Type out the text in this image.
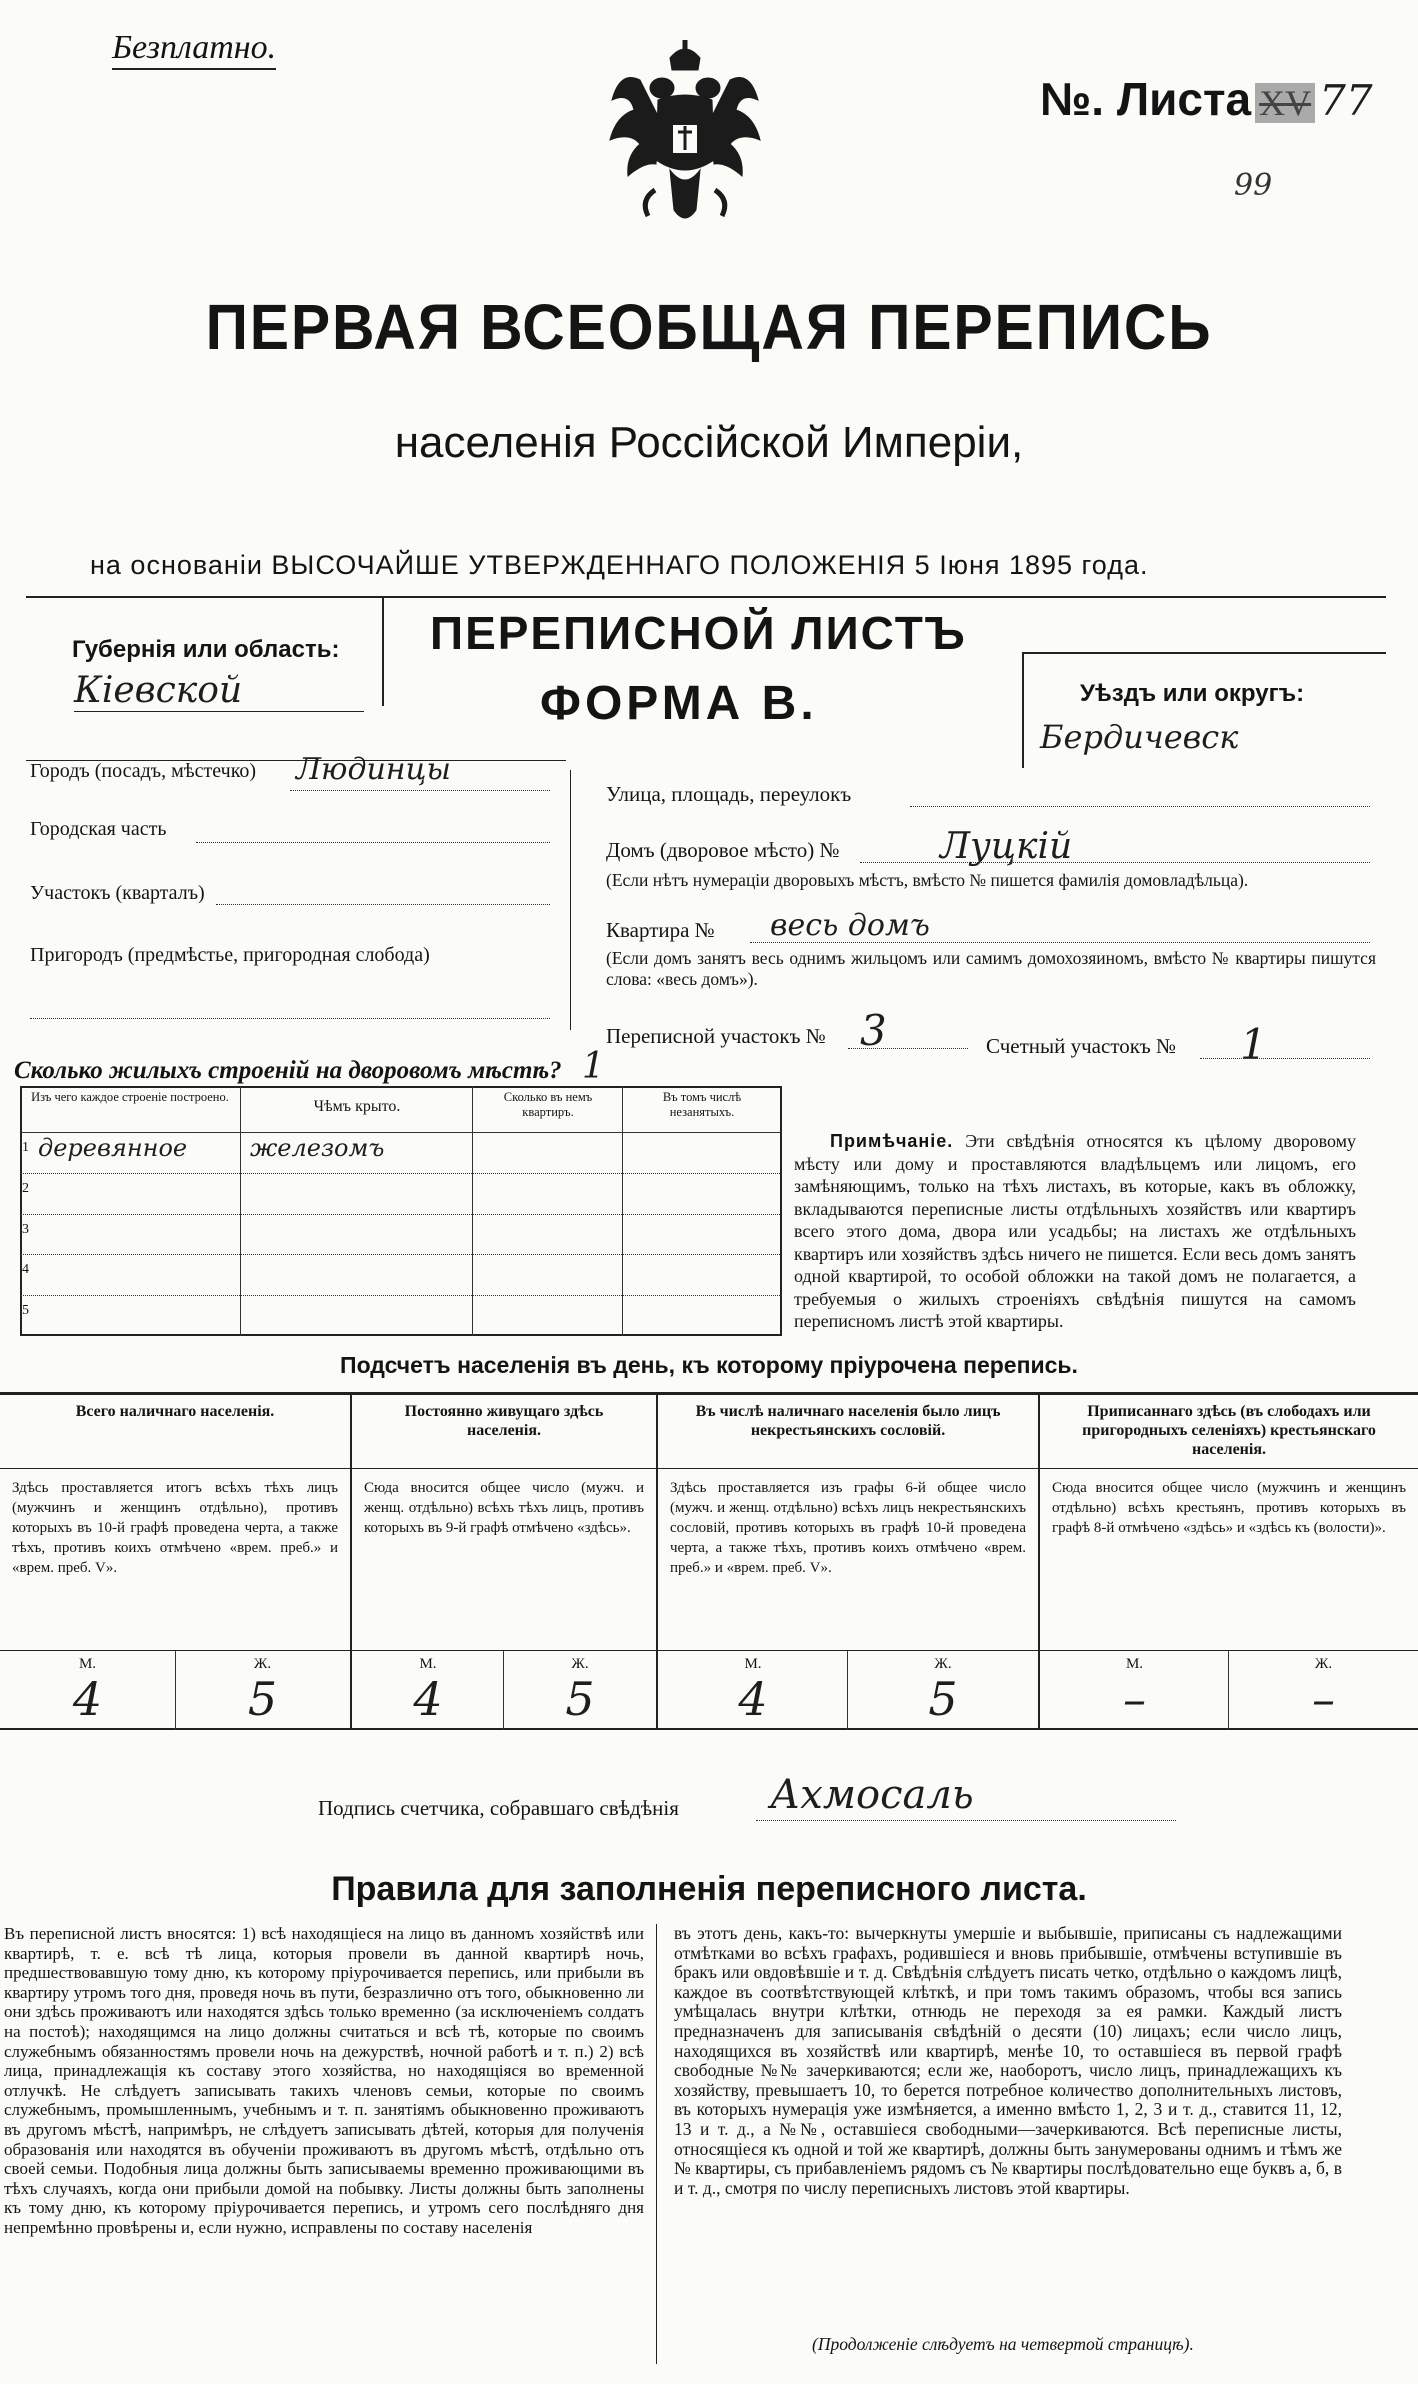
Безплатно.
№. Листа XV 77
99
ПЕРВАЯ ВСЕОБЩАЯ ПЕРЕПИСЬ
населенія Россійской Имперіи,
на основаніи ВЫСОЧАЙШЕ УТВЕРЖДЕННАГО ПОЛОЖЕНІЯ 5 Іюня 1895 года.
Губернія или область:
Кіевской
ПЕРЕПИСНОЙ ЛИСТЪ
ФОРМА В.	Уѣздъ или округъ:
Бердичевск
Городъ (посадъ, мѣстечко) Людинцы
Городская часть
Участокъ (кварталъ)
Пригородъ (предмѣстье, пригородная слобода)
Улица, площадь, переулокъ
Домъ (дворовое мѣсто) №	Луцкій
(Если нѣтъ нумераціи дворовыхъ мѣстъ, вмѣсто № пишется фамилія домовладѣльца).
Квартира № весь домъ
(Если домъ занятъ весь однимъ жильцомъ или самимъ домохозяиномъ, вмѣсто № квартиры пишутся слова: «весь домъ»).
Переписной участокъ № 3	Счетный участокъ № 1
Сколько жилыхъ строеній на дворовомъ мѣстѣ? 1
Изъ чего каждое строеніе построено.
Чѣмъ крыто.
Сколько въ немъ квартиръ.
Въ томъ числѣ незанятыхъ.
1 деревянное	железомъ
2
3
4
5
Примѣчаніе. Эти свѣдѣнія относятся къ цѣлому дворовому мѣсту или дому и проставляются владѣльцемъ или лицомъ, его замѣняющимъ, только на тѣхъ листахъ, въ которые, какъ въ обложку, вкладываются переписные листы отдѣльныхъ хозяйствъ или квартиръ всего этого дома, двора или усадьбы; на листахъ же отдѣльныхъ квартиръ или хозяйствъ здѣсь ничего не пишется. Если весь домъ занятъ одной квартирой, то особой обложки на такой домъ не полагается, а требуемыя о жилыхъ строеніяхъ свѣдѣнія пишутся на самомъ переписномъ листѣ этой квартиры.
Подсчетъ населенія въ день, къ которому пріурочена перепись.
Всего наличнаго населенія.
Здѣсь проставляется итогъ всѣхъ тѣхъ лицъ (мужчинъ и женщинъ отдѣльно), противъ которыхъ въ 10-й графѣ проведена черта, а также тѣхъ, противъ коихъ отмѣчено «врем. преб.» и «врем. преб. V».
М.	Ж.
4	5
Постоянно живущаго здѣсь населенія.
Сюда вносится общее число (мужч. и женщ. отдѣльно) всѣхъ тѣхъ лицъ, противъ которыхъ въ 9-й графѣ отмѣчено «здѣсь».
М.	Ж.
4	5
Въ числѣ наличнаго населенія было лицъ некрестьянскихъ сословій.
Здѣсь проставляется изъ графы 6-й общее число (мужч. и женщ. отдѣльно) всѣхъ лицъ некрестьянскихъ сословій, противъ которыхъ въ графѣ 10-й проведена черта, а также тѣхъ, противъ коихъ отмѣчено «врем. преб.» и «врем. преб. V».
М.	Ж.
4	5
Приписаннаго здѣсь (въ слободахъ или пригородныхъ селеніяхъ) крестьянскаго населенія.
Сюда вносится общее число (мужчинъ и женщинъ отдѣльно) всѣхъ крестьянъ, противъ которыхъ въ графѣ 8-й отмѣчено «здѣсь» и «здѣсь къ (волости)».
М.	Ж.
–	–
Подпись счетчика, собравшаго свѣдѣнія Ахмосаль
Правила для заполненія переписного листа.
Въ переписной листъ вносятся: 1) всѣ находящіеся на лицо въ данномъ хозяйствѣ или квартирѣ, т. е. всѣ тѣ лица, которыя провели въ данной квартирѣ ночь, предшествовавшую тому дню, къ которому пріурочивается перепись, или прибыли въ квартиру утромъ того дня, проведя ночь въ пути, безразлично отъ того, обыкновенно ли они здѣсь проживаютъ или находятся здѣсь только временно (за исключеніемъ солдатъ на постоѣ); находящимся на лицо должны считаться и всѣ тѣ, которые по своимъ служебнымъ обязанностямъ провели ночь на дежурствѣ, ночной работѣ и т. п.) 2) всѣ лица, принадлежащія къ составу этого хозяйства, но находящіяся во временной отлучкѣ. Не слѣдуетъ записывать такихъ членовъ семьи, которые по своимъ служебнымъ, промышленнымъ, учебнымъ и т. п. занятіямъ обыкновенно проживаютъ въ другомъ мѣстѣ, напримѣръ, не слѣдуетъ записывать дѣтей, которыя для полученія образованія или находятся въ обученіи проживаютъ въ другомъ мѣстѣ, отдѣльно отъ своей семьи. Подобныя лица должны быть записываемы временно проживающими въ тѣхъ случаяхъ, когда они прибыли домой на побывку. Листы должны быть заполнены къ тому дню, къ которому пріурочивается перепись, и утромъ сего послѣдняго дня непремѣнно провѣрены и, если нужно, исправлены по составу населенія
въ этотъ день, какъ-то: вычеркнуты умершіе и выбывшіе, приписаны съ надлежащими отмѣтками во всѣхъ графахъ, родившіеся и вновь прибывшіе, отмѣчены вступившіе въ бракъ или овдовѣвшіе и т. д. Свѣдѣнія слѣдуетъ писать четко, отдѣльно о каждомъ лицѣ, каждое въ соотвѣтствующей клѣткѣ, и при томъ такимъ образомъ, чтобы вся запись умѣщалась внутри клѣтки, отнюдь не переходя за ея рамки. Каждый листъ предназначенъ для записыванія свѣдѣній о десяти (10) лицахъ; если число лицъ, находящихся въ хозяйствѣ или квартирѣ, менѣе 10, то оставшіеся въ первой графѣ свободные №№ зачеркиваются; если же, наоборотъ, число лицъ, принадлежащихъ къ хозяйству, превышаетъ 10, то берется потребное количество дополнительныхъ листовъ, въ которыхъ нумерація уже измѣняется, а именно вмѣсто 1, 2, 3 и т. д., ставится 11, 12, 13 и т. д., а №№, оставшіеся свободными—зачеркиваются. Всѣ переписные листы, относящіеся къ одной и той же квартирѣ, должны быть занумерованы однимъ и тѣмъ же № квартиры, съ прибавленіемъ рядомъ съ № квартиры послѣдовательно еще буквъ а, б, в и т. д., смотря по числу переписныхъ листовъ этой квартиры.
(Продолженіе слѣдуетъ на четвертой страницѣ).
